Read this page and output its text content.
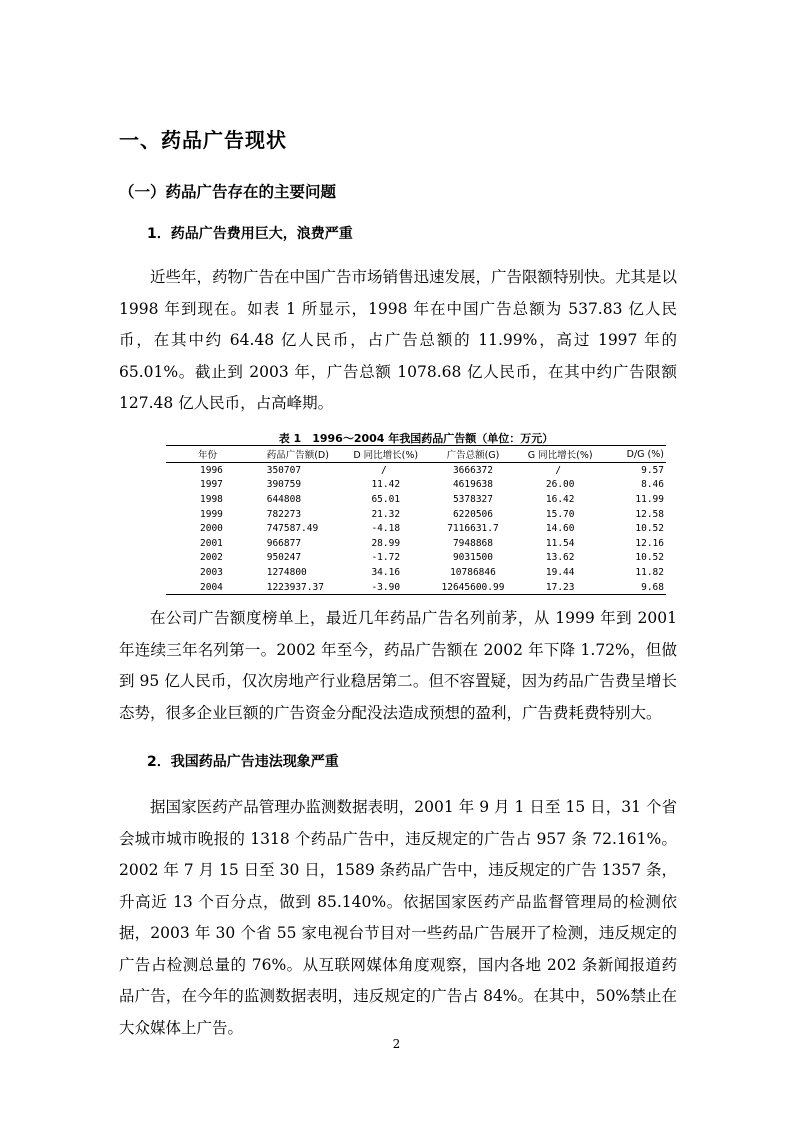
一、药品广告现状
（一）药品广告存在的主要问题
1．药品广告费用巨大，浪费严重

近些年，药物广告在中国广告市场销售迅速发展，广告限额特别快。尤其是以 1998 年到现在。如表 1 所显示，1998 年在中国广告总额为 537.83 亿人民币，在其中约 64.48 亿人民币，占广告总额的 11.99%，高过 1997 年的 65.01%。截止到 2003 年，广告总额 1078.68 亿人民币，在其中约广告限额 127.48 亿人民币，占高峰期。

表 1　1996～2004 年我国药品广告额（单位：万元）
年份	药品广告额(D)	D 同比增长(%)	广告总额(G)	G 同比增长(%)	D/G (%)
1996	350707	/	3666372	/	9.57
1997	390759	11.42	4619638	26.00	8.46
1998	644808	65.01	5378327	16.42	11.99
1999	782273	21.32	6220506	15.70	12.58
2000	747587.49	-4.18	7116631.7	14.60	10.52
2001	966877	28.99	7948868	11.54	12.16
2002	950247	-1.72	9031500	13.62	10.52
2003	1274800	34.16	10786846	19.44	11.82
2004	1223937.37	-3.90	12645600.99	17.23	9.68

在公司广告额度榜单上，最近几年药品广告名列前茅，从 1999 年到 2001 年连续三年名列第一。2002 年至今，药品广告额在 2002 年下降 1.72%，但做到 95 亿人民币，仅次房地产行业稳居第二。但不容置疑，因为药品广告费呈增长态势，很多企业巨额的广告资金分配没法造成预想的盈利，广告费耗费特别大。

2．我国药品广告违法现象严重

据国家医药产品管理办监测数据表明，2001 年 9 月 1 日至 15 日，31 个省会城市城市晚报的 1318 个药品广告中，违反规定的广告占 957 条 72.161%。2002 年 7 月 15 日至 30 日，1589 条药品广告中，违反规定的广告 1357 条，升高近 13 个百分点，做到 85.140%。依据国家医药产品监督管理局的检测依据，2003 年 30 个省 55 家电视台节目对一些药品广告展开了检测，违反规定的广告占检测总量的 76%。从互联网媒体角度观察，国内各地 202 条新闻报道药品广告，在今年的监测数据表明，违反规定的广告占 84%。在其中，50%禁止在大众媒体上广告。

2
